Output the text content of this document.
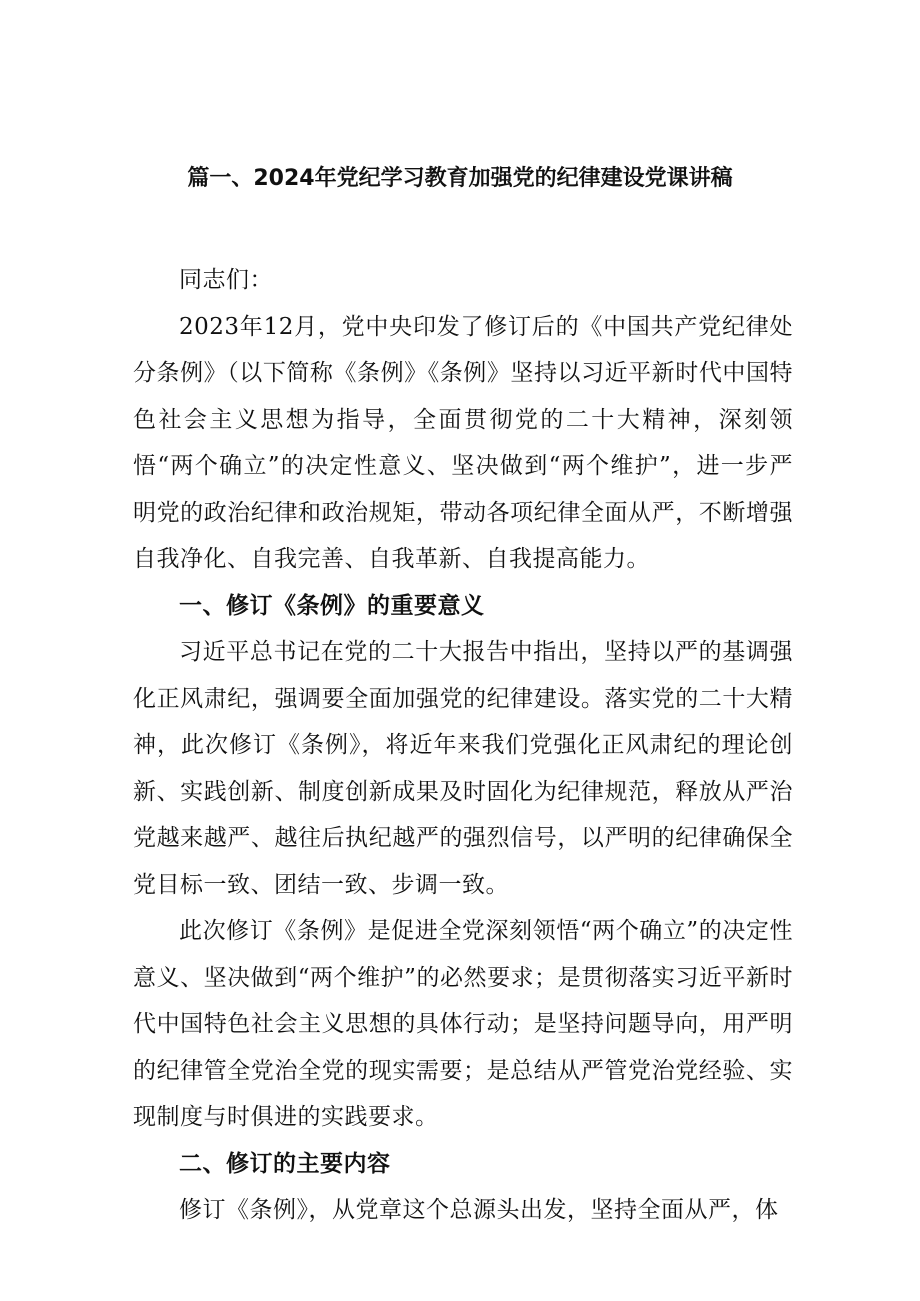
篇一、2024年党纪学习教育加强党的纪律建设党课讲稿

同志们：

2023年12月，党中央印发了修订后的《中国共产党纪律处分条例》（以下简称《条例》《条例》坚持以习近平新时代中国特色社会主义思想为指导，全面贯彻党的二十大精神，深刻领悟“两个确立”的决定性意义、坚决做到“两个维护”，进一步严明党的政治纪律和政治规矩，带动各项纪律全面从严，不断增强自我净化、自我完善、自我革新、自我提高能力。

一、修订《条例》的重要意义

习近平总书记在党的二十大报告中指出，坚持以严的基调强化正风肃纪，强调要全面加强党的纪律建设。落实党的二十大精神，此次修订《条例》，将近年来我们党强化正风肃纪的理论创新、实践创新、制度创新成果及时固化为纪律规范，释放从严治党越来越严、越往后执纪越严的强烈信号，以严明的纪律确保全党目标一致、团结一致、步调一致。

此次修订《条例》是促进全党深刻领悟“两个确立”的决定性意义、坚决做到“两个维护”的必然要求；是贯彻落实习近平新时代中国特色社会主义思想的具体行动；是坚持问题导向，用严明的纪律管全党治全党的现实需要；是总结从严管党治党经验、实现制度与时俱进的实践要求。

二、修订的主要内容

修订《条例》，从党章这个总源头出发，坚持全面从严，体
